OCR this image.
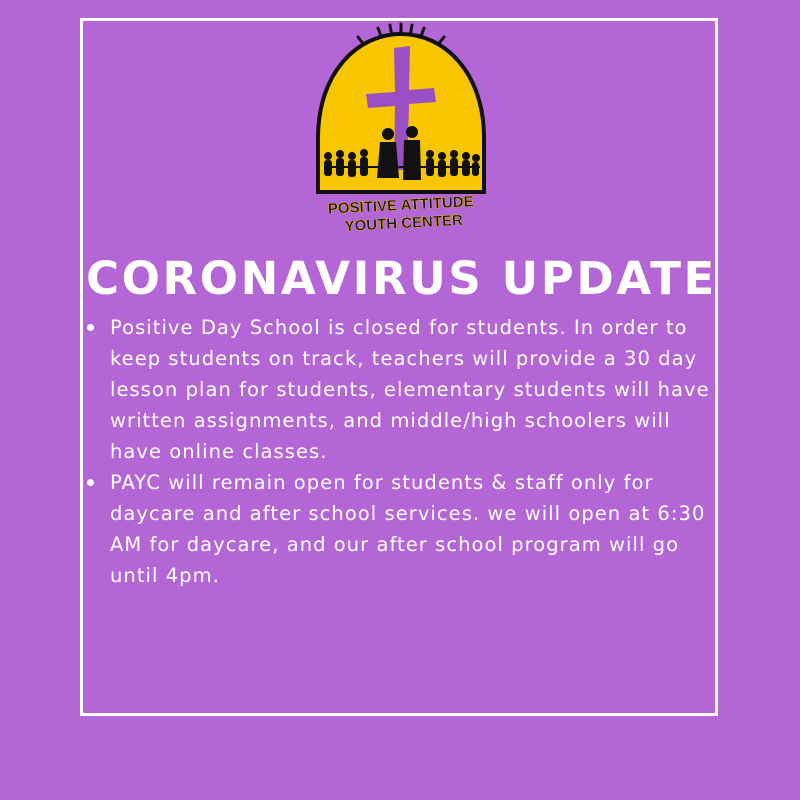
POSITIVE ATTITUDE
YOUTH CENTER
CORONAVIRUS UPDATE
Positive Day School is closed for students. In order to keep students on track, teachers will provide a 30 day lesson plan for students, elementary students will have written assignments, and middle/high schoolers will have online classes.
PAYC will remain open for students & staff only for daycare and after school services. we will open at 6:30 AM for daycare, and our after school program will go until 4pm.
